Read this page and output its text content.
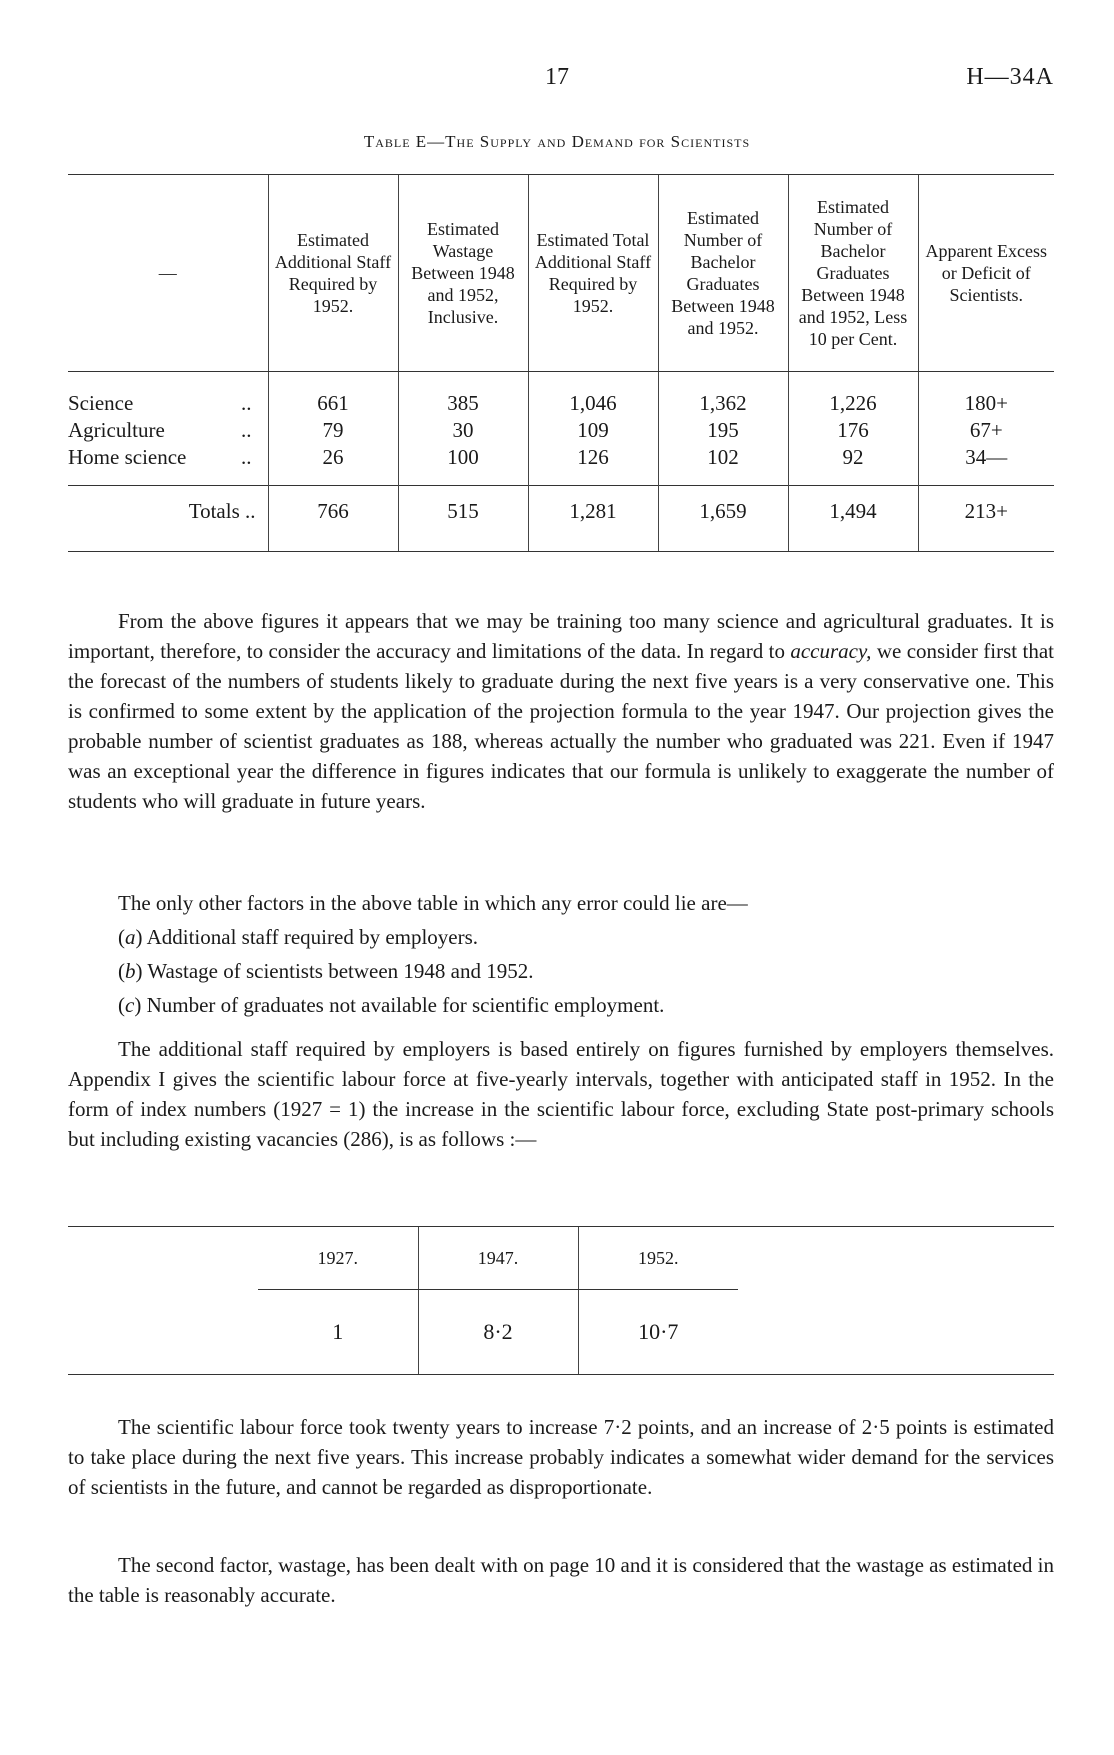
17	H—34A
Table E—The Supply and Demand for Scientists
—	Estimated Additional Staff Required by 1952.	Estimated Wastage Between 1948 and 1952, Inclusive.	Estimated Total Additional Staff Required by 1952.	Estimated Number of Bachelor Graduates Between 1948 and 1952.	Estimated Number of Bachelor Graduates Between 1948 and 1952, Less 10 per Cent.	Apparent Excess or Deficit of Scientists.
Science ..	661	385	1,046	1,362	1,226	180+
Agriculture ..	79	30	109	195	176	67+
Home science ..	26	100	126	102	92	34—
Totals ..	766	515	1,281	1,659	1,494	213+

From the above figures it appears that we may be training too many science and agricultural graduates. It is important, therefore, to consider the accuracy and limitations of the data. In regard to accuracy, we consider first that the forecast of the numbers of students likely to graduate during the next five years is a very conservative one. This is confirmed to some extent by the application of the projection formula to the year 1947. Our projection gives the probable number of scientist graduates as 188, whereas actually the number who graduated was 221. Even if 1947 was an exceptional year the difference in figures indicates that our formula is unlikely to exaggerate the number of students who will graduate in future years.

The only other factors in the above table in which any error could lie are—

(a) Additional staff required by employers.
(b) Wastage of scientists between 1948 and 1952.
(c) Number of graduates not available for scientific employment.

The additional staff required by employers is based entirely on figures furnished by employers themselves. Appendix I gives the scientific labour force at five-yearly intervals, together with anticipated staff in 1952. In the form of index numbers (1927 = 1) the increase in the scientific labour force, excluding State post-primary schools but including existing vacancies (286), is as follows :—

	1927.	1947.	1952.	
	1	8·2	10·7	

The scientific labour force took twenty years to increase 7·2 points, and an increase of 2·5 points is estimated to take place during the next five years. This increase probably indicates a somewhat wider demand for the services of scientists in the future, and cannot be regarded as disproportionate.

The second factor, wastage, has been dealt with on page 10 and it is considered that the wastage as estimated in the table is reasonably accurate.
